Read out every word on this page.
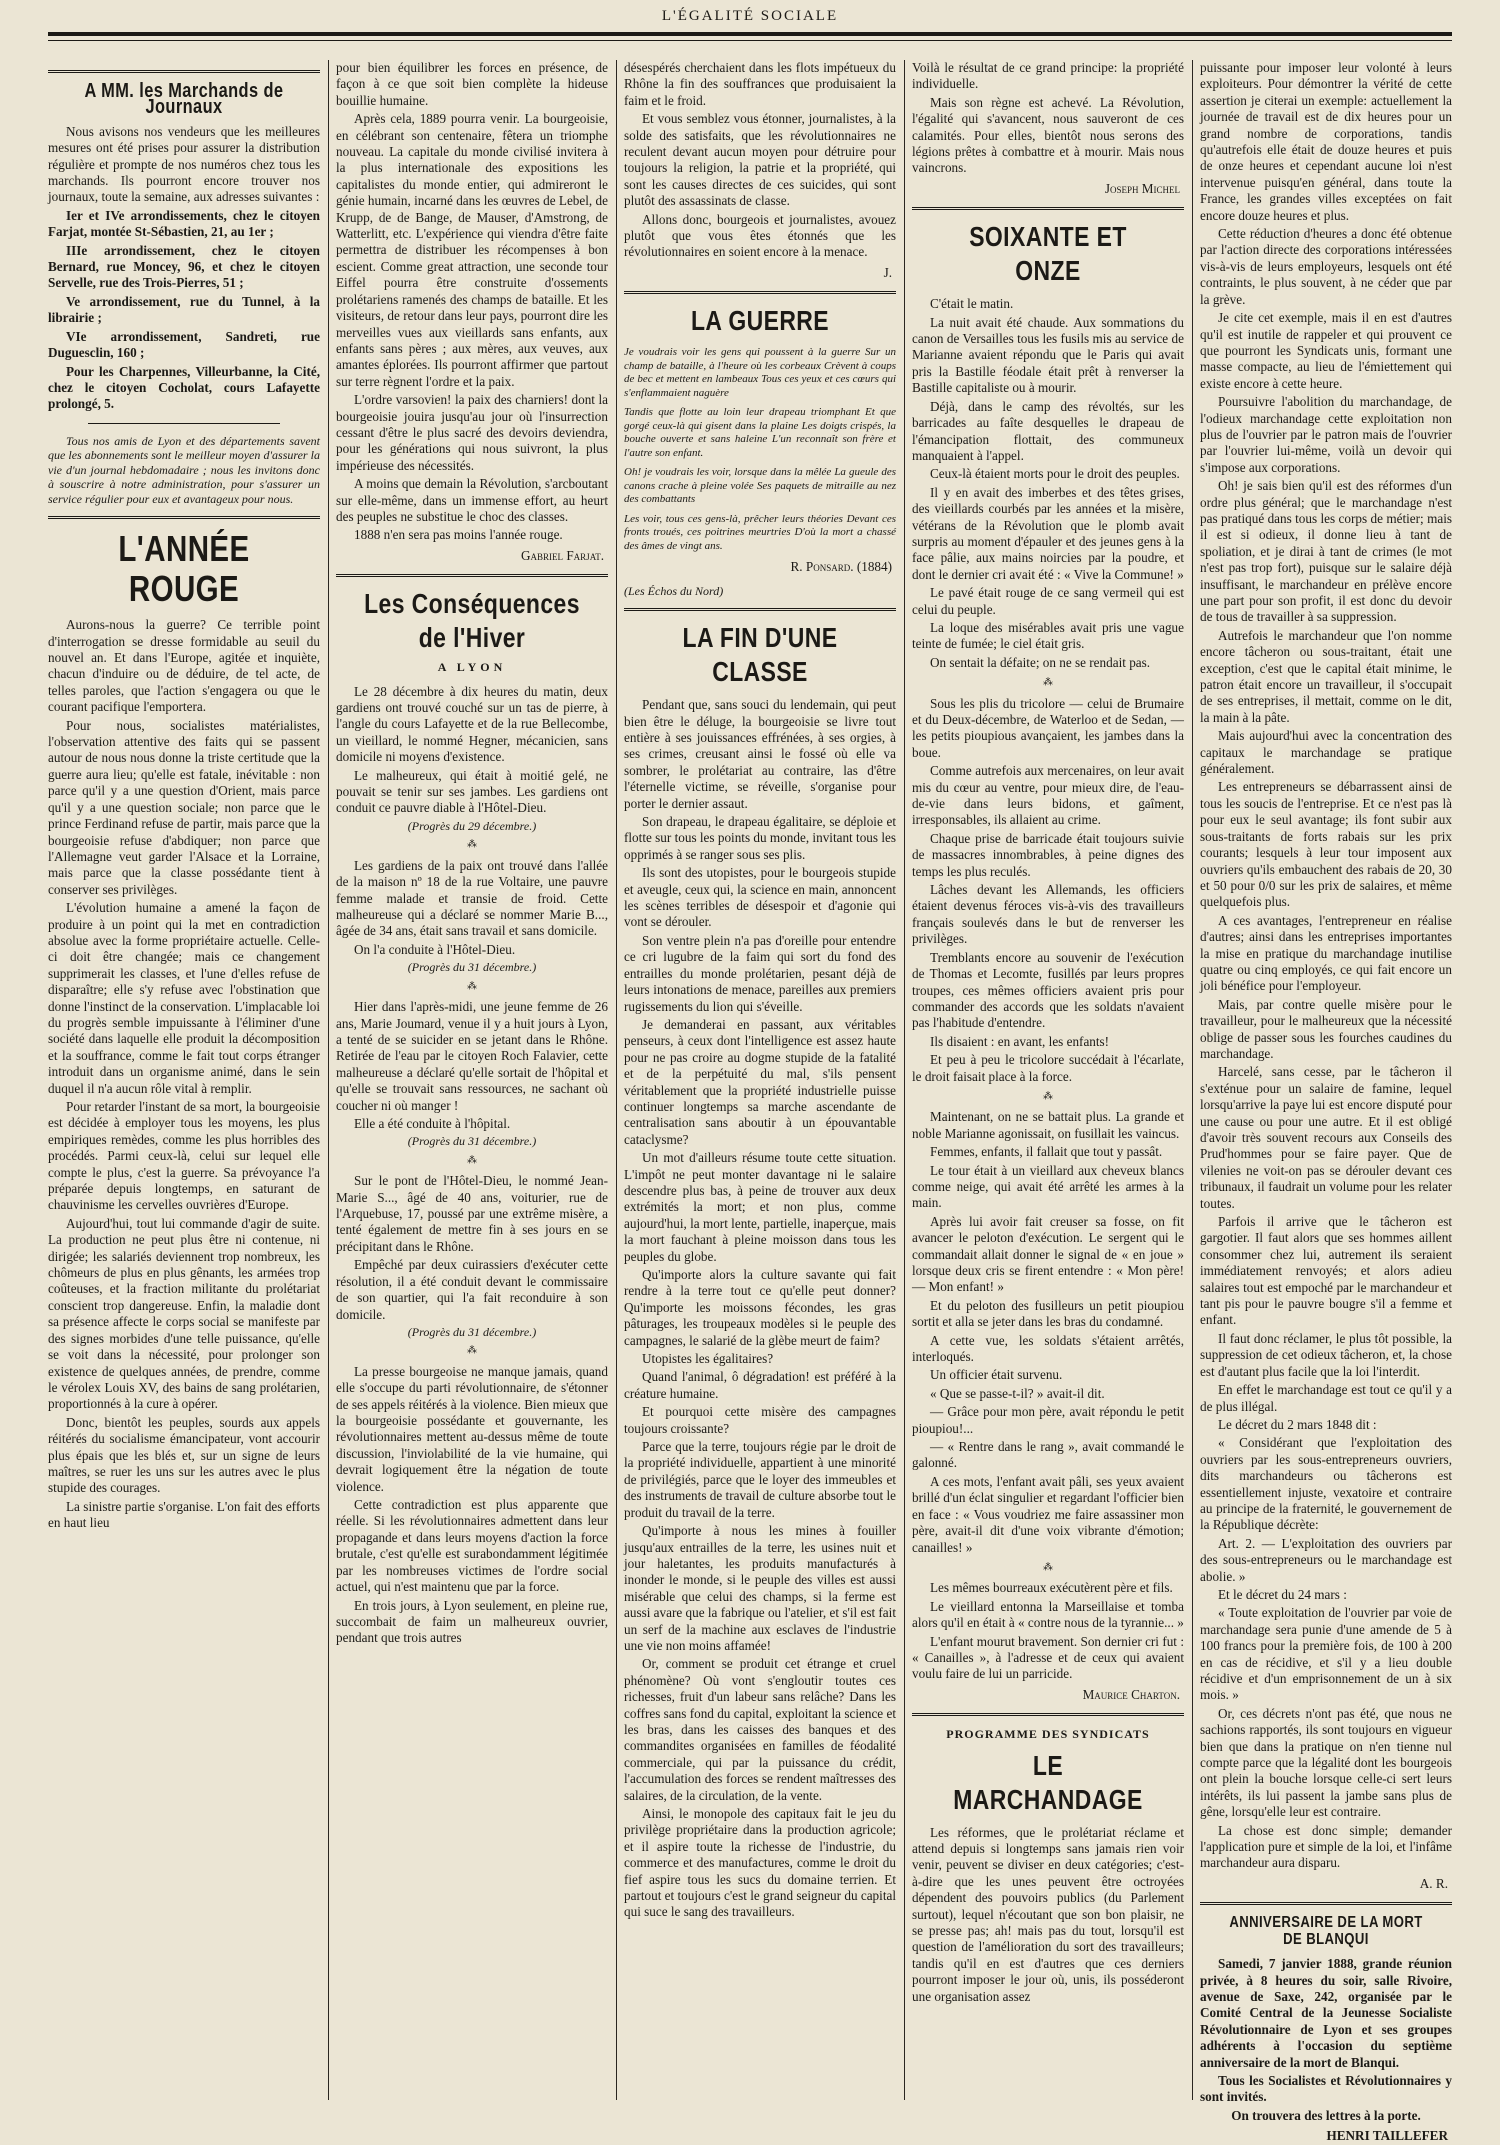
L'ÉGALITÉ SOCIALE
A MM. les Marchands de Journaux

Nous avisons nos vendeurs que les meilleures mesures ont été prises pour assurer la distribution régulière et prompte de nos numéros chez tous les marchands. Ils pourront encore trouver nos journaux, toute la semaine, aux adresses suivantes :

Ier et IVe arrondissements, chez le citoyen Farjat, montée St-Sébastien, 21, au 1er ;

IIIe arrondissement, chez le citoyen Bernard, rue Moncey, 96, et chez le citoyen Servelle, rue des Trois-Pierres, 51 ;

Ve arrondissement, rue du Tunnel, à la librairie ;

VIe arrondissement, Sandreti, rue Duguesclin, 160 ;

Pour les Charpennes, Villeurbanne, la Cité, chez le citoyen Cocholat, cours Lafayette prolongé, 5.

Tous nos amis de Lyon et des départements savent que les abonnements sont le meilleur moyen d'assurer la vie d'un journal hebdomadaire ; nous les invitons donc à souscrire à notre administration, pour s'assurer un service régulier pour eux et avantageux pour nous.

L'ANNÉE ROUGE

Aurons-nous la guerre? Ce terrible point d'interrogation se dresse formidable au seuil du nouvel an. Et dans l'Europe, agitée et inquiète, chacun d'induire ou de déduire, de tel acte, de telles paroles, que l'action s'engagera ou que le courant pacifique l'emportera.

Pour nous, socialistes matérialistes, l'observation attentive des faits qui se passent autour de nous nous donne la triste certitude que la guerre aura lieu; qu'elle est fatale, inévitable : non parce qu'il y a une question d'Orient, mais parce qu'il y a une question sociale; non parce que le prince Ferdinand refuse de partir, mais parce que la bourgeoisie refuse d'abdiquer; non parce que l'Allemagne veut garder l'Alsace et la Lorraine, mais parce que la classe possédante tient à conserver ses privilèges.

L'évolution humaine a amené la façon de produire à un point qui la met en contradiction absolue avec la forme propriétaire actuelle. Celle-ci doit être changée; mais ce changement supprimerait les classes, et l'une d'elles refuse de disparaître; elle s'y refuse avec l'obstination que donne l'instinct de la conservation. L'implacable loi du progrès semble impuissante à l'éliminer d'une société dans laquelle elle produit la décomposition et la souffrance, comme le fait tout corps étranger introduit dans un organisme animé, dans le sein duquel il n'a aucun rôle vital à remplir.

Pour retarder l'instant de sa mort, la bourgeoisie est décidée à employer tous les moyens, les plus empiriques remèdes, comme les plus horribles des procédés. Parmi ceux-là, celui sur lequel elle compte le plus, c'est la guerre. Sa prévoyance l'a préparée depuis longtemps, en saturant de chauvinisme les cervelles ouvrières d'Europe.

Aujourd'hui, tout lui commande d'agir de suite. La production ne peut plus être ni contenue, ni dirigée; les salariés deviennent trop nombreux, les chômeurs de plus en plus gênants, les armées trop coûteuses, et la fraction militante du prolétariat conscient trop dangereuse. Enfin, la maladie dont sa présence affecte le corps social se manifeste par des signes morbides d'une telle puissance, qu'elle se voit dans la nécessité, pour prolonger son existence de quelques années, de prendre, comme le vérolex Louis XV, des bains de sang prolétarien, proportionnés à la cure à opérer.

Donc, bientôt les peuples, sourds aux appels réitérés du socialisme émancipateur, vont accourir plus épais que les blés et, sur un signe de leurs maîtres, se ruer les uns sur les autres avec le plus stupide des courages.

La sinistre partie s'organise. L'on fait des efforts en haut lieu

pour bien équilibrer les forces en présence, de façon à ce que soit bien complète la hideuse bouillie humaine.

Après cela, 1889 pourra venir. La bourgeoisie, en célébrant son centenaire, fêtera un triomphe nouveau. La capitale du monde civilisé invitera à la plus internationale des expositions les capitalistes du monde entier, qui admireront le génie humain, incarné dans les œuvres de Lebel, de Krupp, de de Bange, de Mauser, d'Amstrong, de Watterlitt, etc. L'expérience qui viendra d'être faite permettra de distribuer les récompenses à bon escient. Comme great attraction, une seconde tour Eiffel pourra être construite d'ossements prolétariens ramenés des champs de bataille. Et les visiteurs, de retour dans leur pays, pourront dire les merveilles vues aux vieillards sans enfants, aux enfants sans pères ; aux mères, aux veuves, aux amantes éplorées. Ils pourront affirmer que partout sur terre règnent l'ordre et la paix.

L'ordre varsovien! la paix des charniers! dont la bourgeoisie jouira jusqu'au jour où l'insurrection cessant d'être le plus sacré des devoirs deviendra, pour les générations qui nous suivront, la plus impérieuse des nécessités.

A moins que demain la Révolution, s'arcboutant sur elle-même, dans un immense effort, au heurt des peuples ne substitue le choc des classes.

1888 n'en sera pas moins l'année rouge.

Gabriel Farjat.

Les Conséquences de l'Hiver
A LYON

Le 28 décembre à dix heures du matin, deux gardiens ont trouvé couché sur un tas de pierre, à l'angle du cours Lafayette et de la rue Bellecombe, un vieillard, le nommé Hegner, mécanicien, sans domicile ni moyens d'existence.

Le malheureux, qui était à moitié gelé, ne pouvait se tenir sur ses jambes. Les gardiens ont conduit ce pauvre diable à l'Hôtel-Dieu.

(Progrès du 29 décembre.)

⁂

Les gardiens de la paix ont trouvé dans l'allée de la maison nº 18 de la rue Voltaire, une pauvre femme malade et transie de froid. Cette malheureuse qui a déclaré se nommer Marie B..., âgée de 34 ans, était sans travail et sans domicile.

On l'a conduite à l'Hôtel-Dieu.

(Progrès du 31 décembre.)

⁂

Hier dans l'après-midi, une jeune femme de 26 ans, Marie Joumard, venue il y a huit jours à Lyon, a tenté de se suicider en se jetant dans le Rhône. Retirée de l'eau par le citoyen Roch Falavier, cette malheureuse a déclaré qu'elle sortait de l'hôpital et qu'elle se trouvait sans ressources, ne sachant où coucher ni où manger !

Elle a été conduite à l'hôpital.

(Progrès du 31 décembre.)

⁂

Sur le pont de l'Hôtel-Dieu, le nommé Jean-Marie S..., âgé de 40 ans, voiturier, rue de l'Arquebuse, 17, poussé par une extrême misère, a tenté également de mettre fin à ses jours en se précipitant dans le Rhône.

Empêché par deux cuirassiers d'exécuter cette résolution, il a été conduit devant le commissaire de son quartier, qui l'a fait reconduire à son domicile.

(Progrès du 31 décembre.)

⁂

La presse bourgeoise ne manque jamais, quand elle s'occupe du parti révolutionnaire, de s'étonner de ses appels réitérés à la violence. Bien mieux que la bourgeoisie possédante et gouvernante, les révolutionnaires mettent au-dessus même de toute discussion, l'inviolabilité de la vie humaine, qui devrait logiquement être la négation de toute violence.

Cette contradiction est plus apparente que réelle. Si les révolutionnaires admettent dans leur propagande et dans leurs moyens d'action la force brutale, c'est qu'elle est surabondamment légitimée par les nombreuses victimes de l'ordre social actuel, qui n'est maintenu que par la force.

En trois jours, à Lyon seulement, en pleine rue, succombait de faim un malheureux ouvrier, pendant que trois autres

désespérés cherchaient dans les flots impétueux du Rhône la fin des souffrances que produisaient la faim et le froid.

Et vous semblez vous étonner, journalistes, à la solde des satisfaits, que les révolutionnaires ne reculent devant aucun moyen pour détruire pour toujours la religion, la patrie et la propriété, qui sont les causes directes de ces suicides, qui sont plutôt des assassinats de classe.

Allons donc, bourgeois et journalistes, avouez plutôt que vous êtes étonnés que les révolutionnaires en soient encore à la menace.

J.

LA GUERRE

Je voudrais voir les gens qui poussent à la guerre Sur un champ de bataille, à l'heure où les corbeaux Crèvent à coups de bec et mettent en lambeaux Tous ces yeux et ces cœurs qui s'enflammaient naguère

Tandis que flotte au loin leur drapeau triomphant Et que gorgé ceux-là qui gisent dans la plaine Les doigts crispés, la bouche ouverte et sans haleine L'un reconnaît son frère et l'autre son enfant.

Oh! je voudrais les voir, lorsque dans la mêlée La gueule des canons crache à pleine volée Ses paquets de mitraille au nez des combattants

Les voir, tous ces gens-là, prêcher leurs théories Devant ces fronts troués, ces poitrines meurtries D'où la mort a chassé des âmes de vingt ans.

R. Ponsard. (1884)

(Les Échos du Nord)

LA FIN D'UNE CLASSE

Pendant que, sans souci du lendemain, qui peut bien être le déluge, la bourgeoisie se livre tout entière à ses jouissances effrénées, à ses orgies, à ses crimes, creusant ainsi le fossé où elle va sombrer, le prolétariat au contraire, las d'être l'éternelle victime, se réveille, s'organise pour porter le dernier assaut.

Son drapeau, le drapeau égalitaire, se déploie et flotte sur tous les points du monde, invitant tous les opprimés à se ranger sous ses plis.

Ils sont des utopistes, pour le bourgeois stupide et aveugle, ceux qui, la science en main, annoncent les scènes terribles de désespoir et d'agonie qui vont se dérouler.

Son ventre plein n'a pas d'oreille pour entendre ce cri lugubre de la faim qui sort du fond des entrailles du monde prolétarien, pesant déjà de leurs intonations de menace, pareilles aux premiers rugissements du lion qui s'éveille.

Je demanderai en passant, aux véritables penseurs, à ceux dont l'intelligence est assez haute pour ne pas croire au dogme stupide de la fatalité et de la perpétuité du mal, s'ils pensent véritablement que la propriété industrielle puisse continuer longtemps sa marche ascendante de centralisation sans aboutir à un épouvantable cataclysme?

Un mot d'ailleurs résume toute cette situation. L'impôt ne peut monter davantage ni le salaire descendre plus bas, à peine de trouver aux deux extrémités la mort; et non plus, comme aujourd'hui, la mort lente, partielle, inaperçue, mais la mort fauchant à pleine moisson dans tous les peuples du globe.

Qu'importe alors la culture savante qui fait rendre à la terre tout ce qu'elle peut donner? Qu'importe les moissons fécondes, les gras pâturages, les troupeaux modèles si le peuple des campagnes, le salarié de la glèbe meurt de faim?

Utopistes les égalitaires?

Quand l'animal, ô dégradation! est préféré à la créature humaine.

Et pourquoi cette misère des campagnes toujours croissante?

Parce que la terre, toujours régie par le droit de la propriété individuelle, appartient à une minorité de privilégiés, parce que le loyer des immeubles et des instruments de travail de culture absorbe tout le produit du travail de la terre.

Qu'importe à nous les mines à fouiller jusqu'aux entrailles de la terre, les usines nuit et jour haletantes, les produits manufacturés à inonder le monde, si le peuple des villes est aussi misérable que celui des champs, si la ferme est aussi avare que la fabrique ou l'atelier, et s'il est fait un serf de la machine aux esclaves de l'industrie une vie non moins affamée!

Or, comment se produit cet étrange et cruel phénomène? Où vont s'engloutir toutes ces richesses, fruit d'un labeur sans relâche? Dans les coffres sans fond du capital, exploitant la science et les bras, dans les caisses des banques et des commandites organisées en familles de féodalité commerciale, qui par la puissance du crédit, l'accumulation des forces se rendent maîtresses des salaires, de la circulation, de la vente.

Ainsi, le monopole des capitaux fait le jeu du privilège propriétaire dans la production agricole; et il aspire toute la richesse de l'industrie, du commerce et des manufactures, comme le droit du fief aspire tous les sucs du domaine terrien. Et partout et toujours c'est le grand seigneur du capital qui suce le sang des travailleurs.

Voilà le résultat de ce grand principe: la propriété individuelle.

Mais son règne est achevé. La Révolution, l'égalité qui s'avancent, nous sauveront de ces calamités. Pour elles, bientôt nous serons des légions prêtes à combattre et à mourir. Mais nous vaincrons.

Joseph Michel

SOIXANTE ET ONZE

C'était le matin.

La nuit avait été chaude. Aux sommations du canon de Versailles tous les fusils mis au service de Marianne avaient répondu que le Paris qui avait pris la Bastille féodale était prêt à renverser la Bastille capitaliste ou à mourir.

Déjà, dans le camp des révoltés, sur les barricades au faîte desquelles le drapeau de l'émancipation flottait, des communeux manquaient à l'appel.

Ceux-là étaient morts pour le droit des peuples.

Il y en avait des imberbes et des têtes grises, des vieillards courbés par les années et la misère, vétérans de la Révolution que le plomb avait surpris au moment d'épauler et des jeunes gens à la face pâlie, aux mains noircies par la poudre, et dont le dernier cri avait été : « Vive la Commune! »

Le pavé était rouge de ce sang vermeil qui est celui du peuple.

La loque des misérables avait pris une vague teinte de fumée; le ciel était gris.

On sentait la défaite; on ne se rendait pas.

⁂

Sous les plis du tricolore — celui de Brumaire et du Deux-décembre, de Waterloo et de Sedan, — les petits pioupious avançaient, les jambes dans la boue.

Comme autrefois aux mercenaires, on leur avait mis du cœur au ventre, pour mieux dire, de l'eau-de-vie dans leurs bidons, et gaîment, irresponsables, ils allaient au crime.

Chaque prise de barricade était toujours suivie de massacres innombrables, à peine dignes des temps les plus reculés.

Lâches devant les Allemands, les officiers étaient devenus féroces vis-à-vis des travailleurs français soulevés dans le but de renverser les privilèges.

Tremblants encore au souvenir de l'exécution de Thomas et Lecomte, fusillés par leurs propres troupes, ces mêmes officiers avaient pris pour commander des accords que les soldats n'avaient pas l'habitude d'entendre.

Ils disaient : en avant, les enfants!

Et peu à peu le tricolore succédait à l'écarlate, le droit faisait place à la force.

⁂

Maintenant, on ne se battait plus. La grande et noble Marianne agonissait, on fusillait les vaincus.

Femmes, enfants, il fallait que tout y passât.

Le tour était à un vieillard aux cheveux blancs comme neige, qui avait été arrêté les armes à la main.

Après lui avoir fait creuser sa fosse, on fit avancer le peloton d'exécution. Le sergent qui le commandait allait donner le signal de « en joue » lorsque deux cris se firent entendre : « Mon père! — Mon enfant! »

Et du peloton des fusilleurs un petit pioupiou sortit et alla se jeter dans les bras du condamné.

A cette vue, les soldats s'étaient arrêtés, interloqués.

Un officier était survenu.

« Que se passe-t-il? » avait-il dit.

— Grâce pour mon père, avait répondu le petit pioupiou!...

— « Rentre dans le rang », avait commandé le galonné.

A ces mots, l'enfant avait pâli, ses yeux avaient brillé d'un éclat singulier et regardant l'officier bien en face : « Vous voudriez me faire assassiner mon père, avait-il dit d'une voix vibrante d'émotion; canailles! »

⁂

Les mêmes bourreaux exécutèrent père et fils.

Le vieillard entonna la Marseillaise et tomba alors qu'il en était à « contre nous de la tyrannie... »

L'enfant mourut bravement. Son dernier cri fut : « Canailles », à l'adresse et de ceux qui avaient voulu faire de lui un parricide.

Maurice Charton.

PROGRAMME DES SYNDICATS
LE MARCHANDAGE

Les réformes, que le prolétariat réclame et attend depuis si longtemps sans jamais rien voir venir, peuvent se diviser en deux catégories; c'est-à-dire que les unes peuvent être octroyées dépendent des pouvoirs publics (du Parlement surtout), lequel n'écoutant que son bon plaisir, ne se presse pas; ah! mais pas du tout, lorsqu'il est question de l'amélioration du sort des travailleurs; tandis qu'il en est d'autres que ces derniers pourront imposer le jour où, unis, ils posséderont une organisation assez

puissante pour imposer leur volonté à leurs exploiteurs. Pour démontrer la vérité de cette assertion je citerai un exemple: actuellement la journée de travail est de dix heures pour un grand nombre de corporations, tandis qu'autrefois elle était de douze heures et puis de onze heures et cependant aucune loi n'est intervenue puisqu'en général, dans toute la France, les grandes villes exceptées on fait encore douze heures et plus.

Cette réduction d'heures a donc été obtenue par l'action directe des corporations intéressées vis-à-vis de leurs employeurs, lesquels ont été contraints, le plus souvent, à ne céder que par la grève.

Je cite cet exemple, mais il en est d'autres qu'il est inutile de rappeler et qui prouvent ce que pourront les Syndicats unis, formant une masse compacte, au lieu de l'émiettement qui existe encore à cette heure.

Poursuivre l'abolition du marchandage, de l'odieux marchandage cette exploitation non plus de l'ouvrier par le patron mais de l'ouvrier par l'ouvrier lui-même, voilà un devoir qui s'impose aux corporations.

Oh! je sais bien qu'il est des réformes d'un ordre plus général; que le marchandage n'est pas pratiqué dans tous les corps de métier; mais il est si odieux, il donne lieu à tant de spoliation, et je dirai à tant de crimes (le mot n'est pas trop fort), puisque sur le salaire déjà insuffisant, le marchandeur en prélève encore une part pour son profit, il est donc du devoir de tous de travailler à sa suppression.

Autrefois le marchandeur que l'on nomme encore tâcheron ou sous-traitant, était une exception, c'est que le capital était minime, le patron était encore un travailleur, il s'occupait de ses entreprises, il mettait, comme on le dit, la main à la pâte.

Mais aujourd'hui avec la concentration des capitaux le marchandage se pratique généralement.

Les entrepreneurs se débarrassent ainsi de tous les soucis de l'entreprise. Et ce n'est pas là pour eux le seul avantage; ils font subir aux sous-traitants de forts rabais sur les prix courants; lesquels à leur tour imposent aux ouvriers qu'ils embauchent des rabais de 20, 30 et 50 pour 0/0 sur les prix de salaires, et même quelquefois plus.

A ces avantages, l'entrepreneur en réalise d'autres; ainsi dans les entreprises importantes la mise en pratique du marchandage inutilise quatre ou cinq employés, ce qui fait encore un joli bénéfice pour l'employeur.

Mais, par contre quelle misère pour le travailleur, pour le malheureux que la nécessité oblige de passer sous les fourches caudines du marchandage.

Harcelé, sans cesse, par le tâcheron il s'exténue pour un salaire de famine, lequel lorsqu'arrive la paye lui est encore disputé pour une cause ou pour une autre. Et il est obligé d'avoir très souvent recours aux Conseils des Prud'hommes pour se faire payer. Que de vilenies ne voit-on pas se dérouler devant ces tribunaux, il faudrait un volume pour les relater toutes.

Parfois il arrive que le tâcheron est gargotier. Il faut alors que ses hommes aillent consommer chez lui, autrement ils seraient immédiatement renvoyés; et alors adieu salaires tout est empoché par le marchandeur et tant pis pour le pauvre bougre s'il a femme et enfant.

Il faut donc réclamer, le plus tôt possible, la suppression de cet odieux tâcheron, et, la chose est d'autant plus facile que la loi l'interdit.

En effet le marchandage est tout ce qu'il y a de plus illégal.

Le décret du 2 mars 1848 dit :

« Considérant que l'exploitation des ouvriers par les sous-entrepreneurs ouvriers, dits marchandeurs ou tâcherons est essentiellement injuste, vexatoire et contraire au principe de la fraternité, le gouvernement de la République décrète:

Art. 2. — L'exploitation des ouvriers par des sous-entrepreneurs ou le marchandage est abolie. »

Et le décret du 24 mars :

« Toute exploitation de l'ouvrier par voie de marchandage sera punie d'une amende de 5 à 100 francs pour la première fois, de 100 à 200 en cas de récidive, et s'il y a lieu double récidive et d'un emprisonnement de un à six mois. »

Or, ces décrets n'ont pas été, que nous ne sachions rapportés, ils sont toujours en vigueur bien que dans la pratique on n'en tienne nul compte parce que la légalité dont les bourgeois ont plein la bouche lorsque celle-ci sert leurs intérêts, ils lui passent la jambe sans plus de gêne, lorsqu'elle leur est contraire.

La chose est donc simple; demander l'application pure et simple de la loi, et l'infâme marchandeur aura disparu.

A. R.

ANNIVERSAIRE DE LA MORT DE BLANQUI

Samedi, 7 janvier 1888, grande réunion privée, à 8 heures du soir, salle Rivoire, avenue de Saxe, 242, organisée par le Comité Central de la Jeunesse Socialiste Révolutionnaire de Lyon et ses groupes adhérents à l'occasion du septième anniversaire de la mort de Blanqui.

Tous les Socialistes et Révolutionnaires y sont invités.

On trouvera des lettres à la porte.

HENRI TAILLEFER
